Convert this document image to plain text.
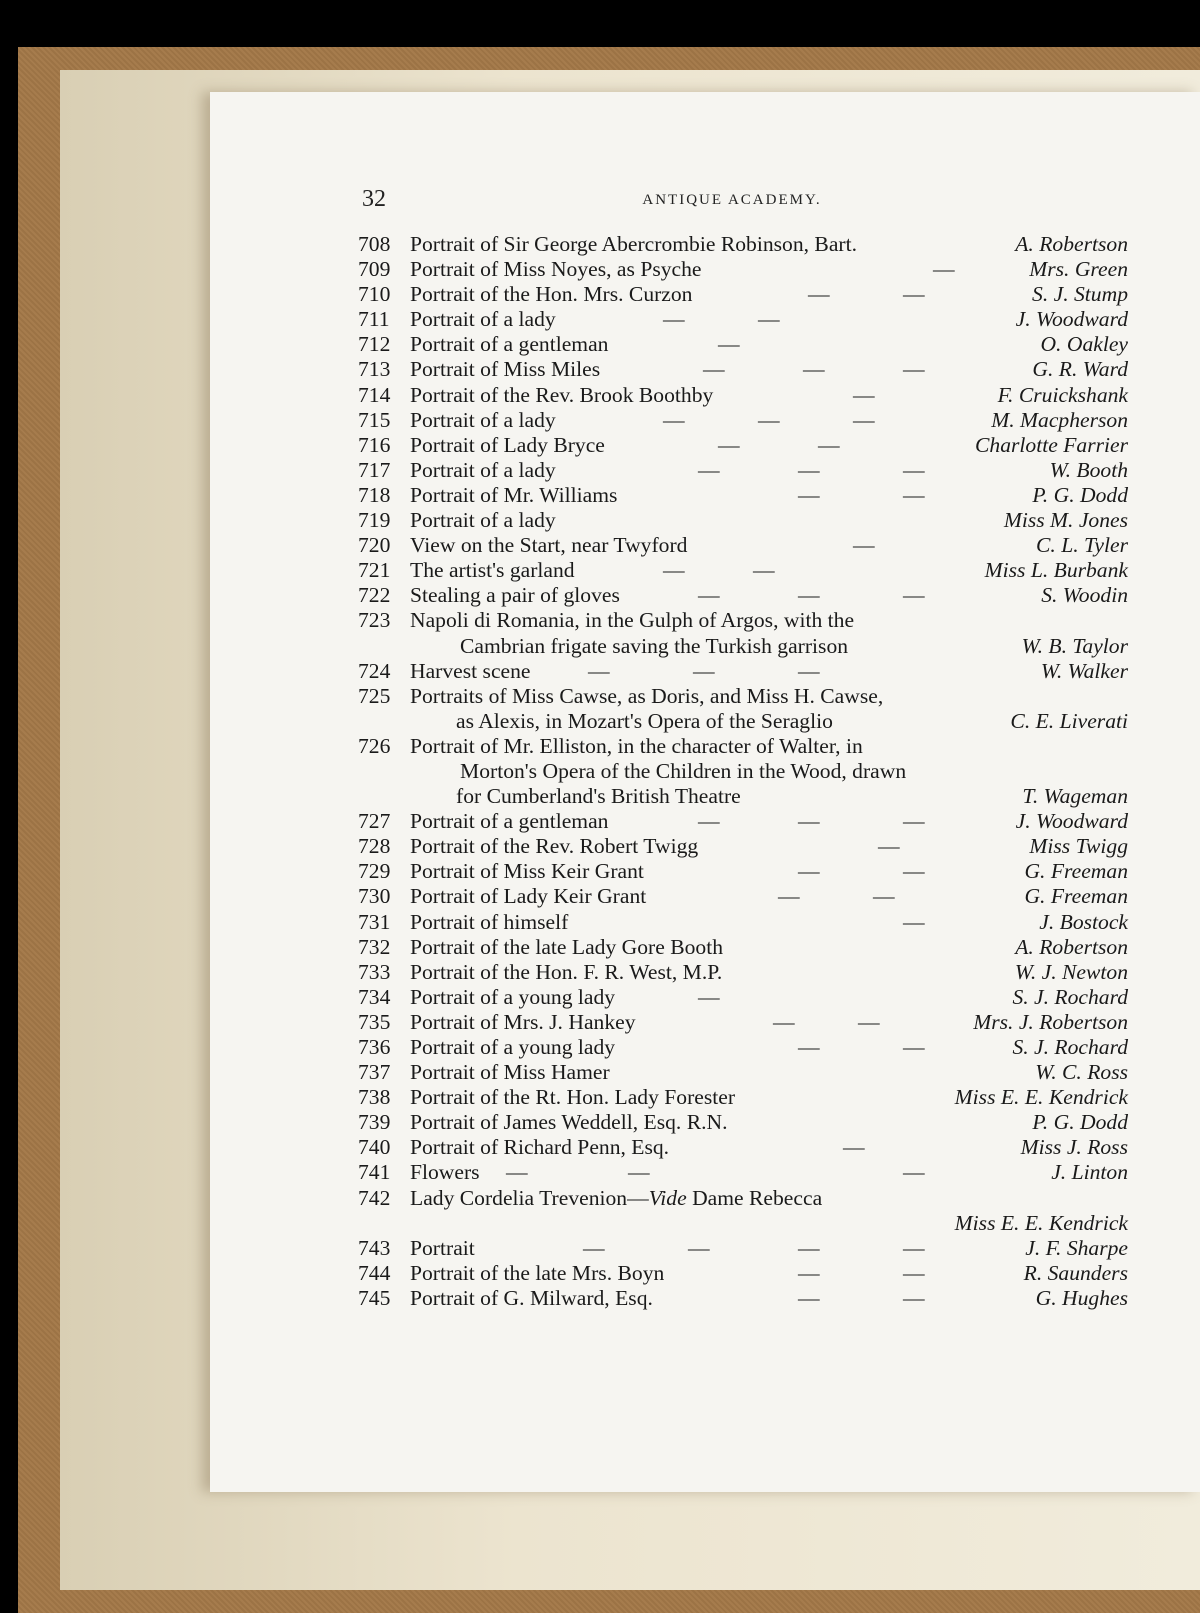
32	ANTIQUE ACADEMY.
708 Portrait of Sir George Abercrombie Robinson, Bart.	A. Robertson
709 Portrait of Miss Noyes, as Psyche	—	Mrs. Green
710 Portrait of the Hon. Mrs. Curzon	—	—	S. J. Stump
711 Portrait of a lady	—	—	J. Woodward
712 Portrait of a gentleman	—	O. Oakley
713 Portrait of Miss Miles	—	—	—	G. R. Ward
714 Portrait of the Rev. Brook Boothby	—	F. Cruickshank
715 Portrait of a lady	—	—	—	M. Macpherson
716 Portrait of Lady Bryce	—	—	Charlotte Farrier
717 Portrait of a lady	—	—	—	W. Booth
718 Portrait of Mr. Williams	—	—	P. G. Dodd
719 Portrait of a lady	Miss M. Jones
720 View on the Start, near Twyford	—	C. L. Tyler
721 The artist's garland	—	—	Miss L. Burbank
722 Stealing a pair of gloves	—	—	—	S. Woodin
723 Napoli di Romania, in the Gulph of Argos, with the
Cambrian frigate saving the Turkish garrison	W. B. Taylor
724 Harvest scene	—	—	—	W. Walker
725 Portraits of Miss Cawse, as Doris, and Miss H. Cawse,
as Alexis, in Mozart's Opera of the Seraglio	C. E. Liverati
726 Portrait of Mr. Elliston, in the character of Walter, in
Morton's Opera of the Children in the Wood, drawn
for Cumberland's British Theatre	T. Wageman
727 Portrait of a gentleman	—	—	—	J. Woodward
728 Portrait of the Rev. Robert Twigg	—	Miss Twigg
729 Portrait of Miss Keir Grant	—	—	G. Freeman
730 Portrait of Lady Keir Grant	—	—	G. Freeman
731 Portrait of himself	—	J. Bostock
732 Portrait of the late Lady Gore Booth	A. Robertson
733 Portrait of the Hon. F. R. West, M.P.	W. J. Newton
734 Portrait of a young lady	—	S. J. Rochard
735 Portrait of Mrs. J. Hankey	—	—	Mrs. J. Robertson
736 Portrait of a young lady	—	—	S. J. Rochard
737 Portrait of Miss Hamer	W. C. Ross
738 Portrait of the Rt. Hon. Lady Forester	Miss E. E. Kendrick
739 Portrait of James Weddell, Esq. R.N.	P. G. Dodd
740 Portrait of Richard Penn, Esq.	—	Miss J. Ross
741 Flowers —	—	—	J. Linton
742 Lady Cordelia Trevenion—Vide Dame Rebecca
Miss E. E. Kendrick
743 Portrait	—	—	—	—	J. F. Sharpe
744 Portrait of the late Mrs. Boyn	—	—	R. Saunders
745 Portrait of G. Milward, Esq.	—	—	G. Hughes
